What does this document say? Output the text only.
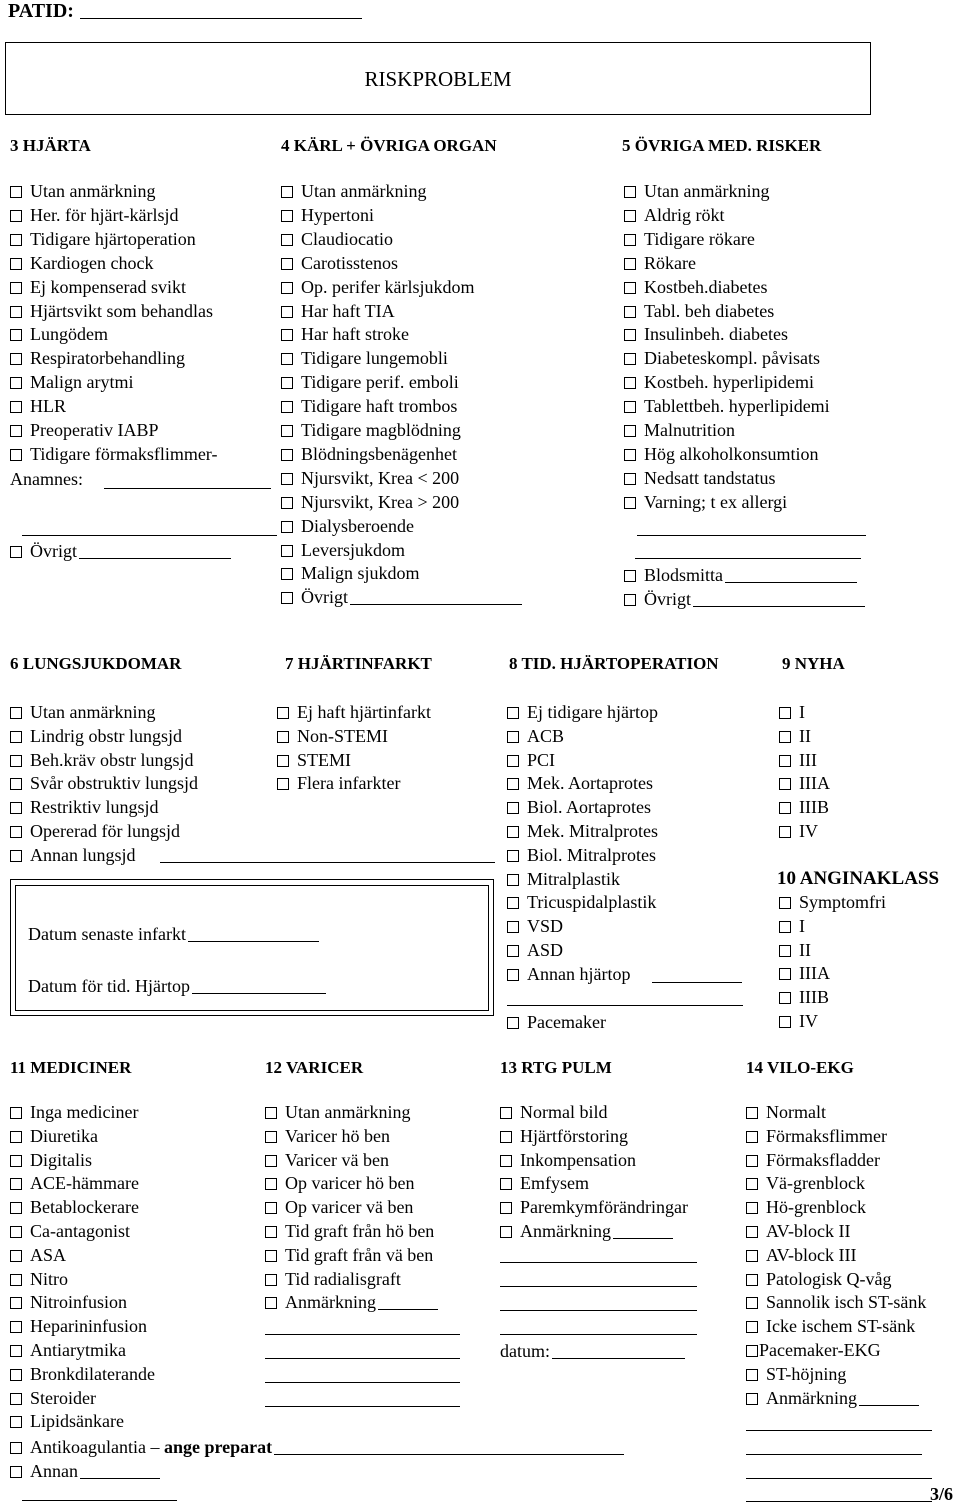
PATID:
RISKPROBLEM
3 HJÄRTA	4 KÄRL + ÖVRIGA ORGAN	5 ÖVRIGA MED. RISKER
Utan anmärkning
Her. för hjärt-kärlsjd
Tidigare hjärtoperation
Kardiogen chock
Ej kompenserad svikt
Hjärtsvikt som behandlas
Lungödem
Respiratorbehandling
Malign arytmi
HLR
Preoperativ IABP
Tidigare förmaksflimmer-
Anamnes:
Övrigt
Utan anmärkning
Hypertoni
Claudiocatio
Carotisstenos
Op. perifer kärlsjukdom
Har haft TIA
Har haft stroke
Tidigare lungemobli
Tidigare perif. emboli
Tidigare haft trombos
Tidigare magblödning
Blödningsbenägenhet
Njursvikt, Krea < 200
Njursvikt, Krea > 200
Dialysberoende
Leversjukdom
Malign sjukdom
Övrigt
Utan anmärkning
Aldrig rökt
Tidigare rökare
Rökare
Kostbeh.diabetes
Tabl. beh diabetes
Insulinbeh. diabetes
Diabeteskompl. påvisats
Kostbeh. hyperlipidemi
Tablettbeh. hyperlipidemi
Malnutrition
Hög alkoholkonsumtion
Nedsatt tandstatus
Varning; t ex allergi
Blodsmitta
Övrigt
6 LUNGSJUKDOMAR	7 HJÄRTINFARKT	8 TID. HJÄRTOPERATION	9 NYHA
Utan anmärkning
Lindrig obstr lungsjd
Beh.kräv obstr lungsjd
Svår obstruktiv lungsjd
Restriktiv lungsjd
Opererad för lungsjd
Annan lungsjd
Datum senaste infarkt
Datum för tid. Hjärtop
Ej haft hjärtinfarkt
Non-STEMI
STEMI
Flera infarkter
Ej tidigare hjärtop
ACB
PCI
Mek. Aortaprotes
Biol. Aortaprotes
Mek. Mitralprotes
Biol. Mitralprotes
Mitralplastik
Tricuspidalplastik
VSD
ASD
Annan hjärtop
Pacemaker
I
II
III
IIIA
IIIB
IV
10 ANGINAKLASS
Symptomfri
I
II
IIIA
IIIB
IV
11 MEDICINER	12 VARICER	13 RTG PULM	14 VILO-EKG
Inga mediciner
Diuretika
Digitalis
ACE-hämmare
Betablockerare
Ca-antagonist
ASA
Nitro
Nitroinfusion
Heparininfusion
Antiarytmika
Bronkdilaterande
Steroider
Lipidsänkare
Antikoagulantia – ange preparat
Annan
Utan anmärkning
Varicer hö ben
Varicer vä ben
Op varicer hö ben
Op varicer vä ben
Tid graft från hö ben
Tid graft från vä ben
Tid radialisgraft
Anmärkning
Normal bild
Hjärtförstoring
Inkompensation
Emfysem
Paremkymförändringar
Anmärkning
datum:
Normalt
Förmaksflimmer
Förmaksfladder
Vä-grenblock
Hö-grenblock
AV-block II
AV-block III
Patologisk Q-våg
Sannolik isch ST-sänk
Icke ischem ST-sänk
Pacemaker-EKG
ST-höjning
Anmärkning
3/6
